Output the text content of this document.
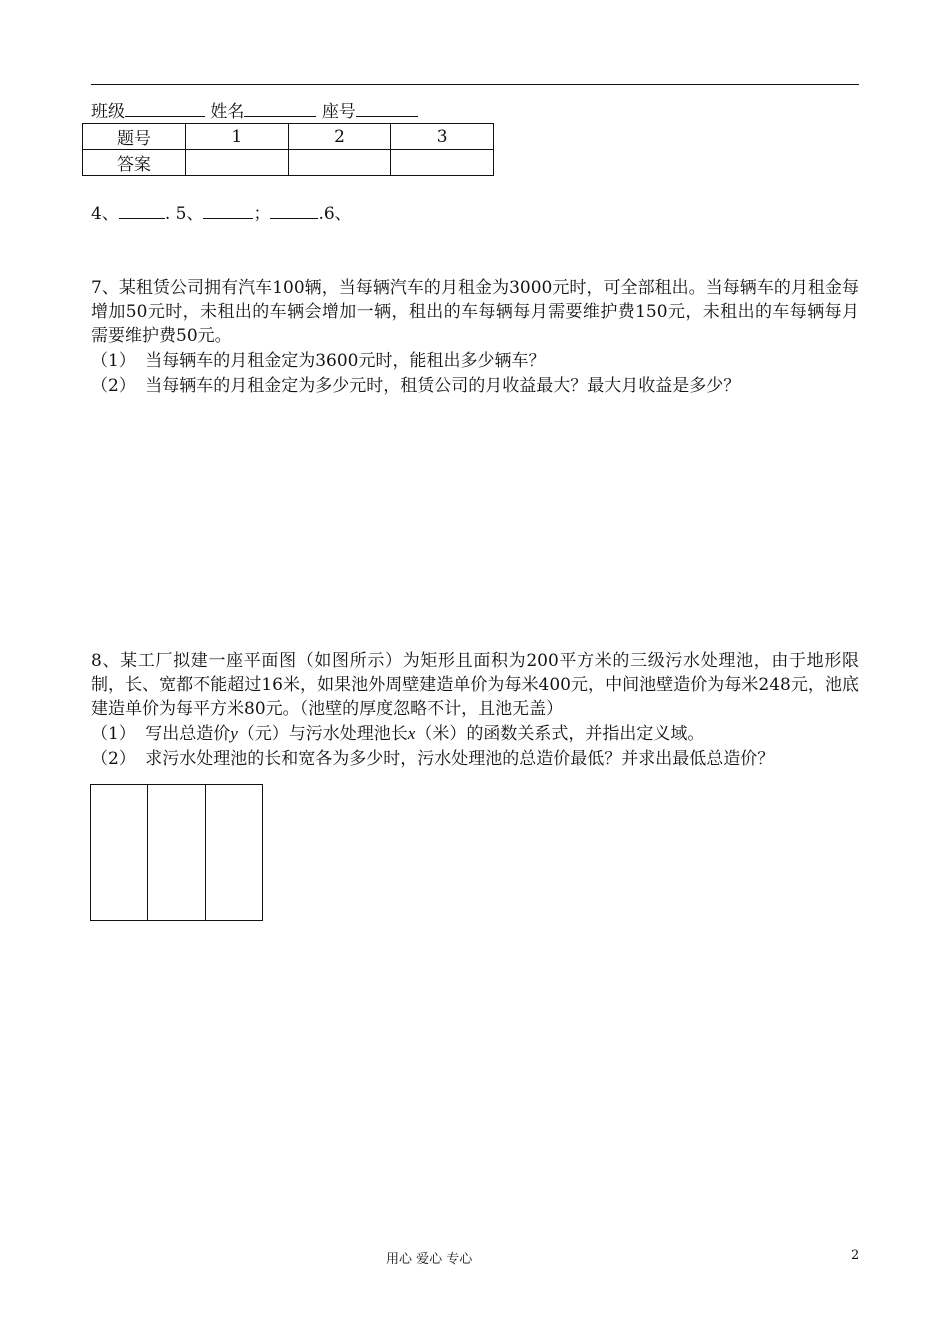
班级	姓名	座号
题号	1	2	3
答案			
4、	. 5、	；	.6、
7、某租赁公司拥有汽车100辆，当每辆汽车的月租金为3000元时，可全部租出。当每辆车的月租金每增加50元时，未租出的车辆会增加一辆，租出的车每辆每月需要维护费150元，未租出的车每辆每月需要维护费50元。
（1） 当每辆车的月租金定为3600元时，能租出多少辆车？
（2） 当每辆车的月租金定为多少元时，租赁公司的月收益最大？最大月收益是多少？
8、某工厂拟建一座平面图（如图所示）为矩形且面积为200平方米的三级污水处理池，由于地形限制，长、宽都不能超过16米，如果池外周壁建造单价为每米400元，中间池壁造价为每米248元，池底建造单价为每平方米80元。（池壁的厚度忽略不计，且池无盖）
（1） 写出总造价y（元）与污水处理池长x（米）的函数关系式，并指出定义域。
（2） 求污水处理池的长和宽各为多少时，污水处理池的总造价最低？并求出最低总造价？
用心 爱心 专心	2
